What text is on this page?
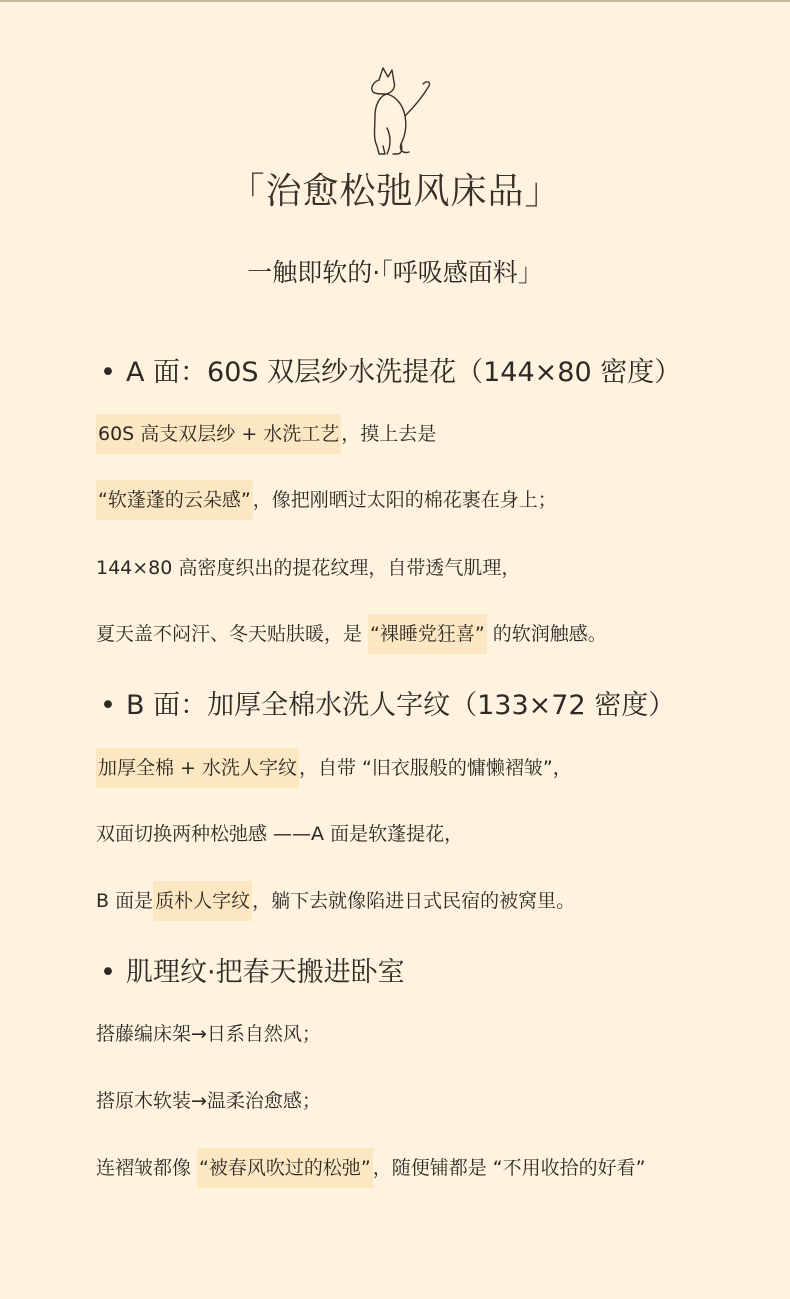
「治愈松弛风床品」
一触即软的·「呼吸感面料」
• A 面：60S 双层纱水洗提花（144×80 密度）
60S 高支双层纱 + 水洗工艺 ，摸上去是
“软蓬蓬的云朵感” ，像把刚晒过太阳的棉花裹在身上；
144×80 高密度织出的提花纹理，自带透气肌理，
夏天盖不闷汗、冬天贴肤暖，是 “裸睡党狂喜” 的软润触感。
• B 面：加厚全棉水洗人字纹（133×72 密度）
加厚全棉 + 水洗人字纹 ，自带 “旧衣服般的慵懒褶皱”，
双面切换两种松弛感 ——A 面是软蓬提花，
B 面是 质朴人字纹 ，躺下去就像陷进日式民宿的被窝里。
• 肌理纹·把春天搬进卧室
搭藤编床架→日系自然风；
搭原木软装→温柔治愈感；
连褶皱都像 “被春风吹过的松弛” ，随便铺都是 “不用收拾的好看”
